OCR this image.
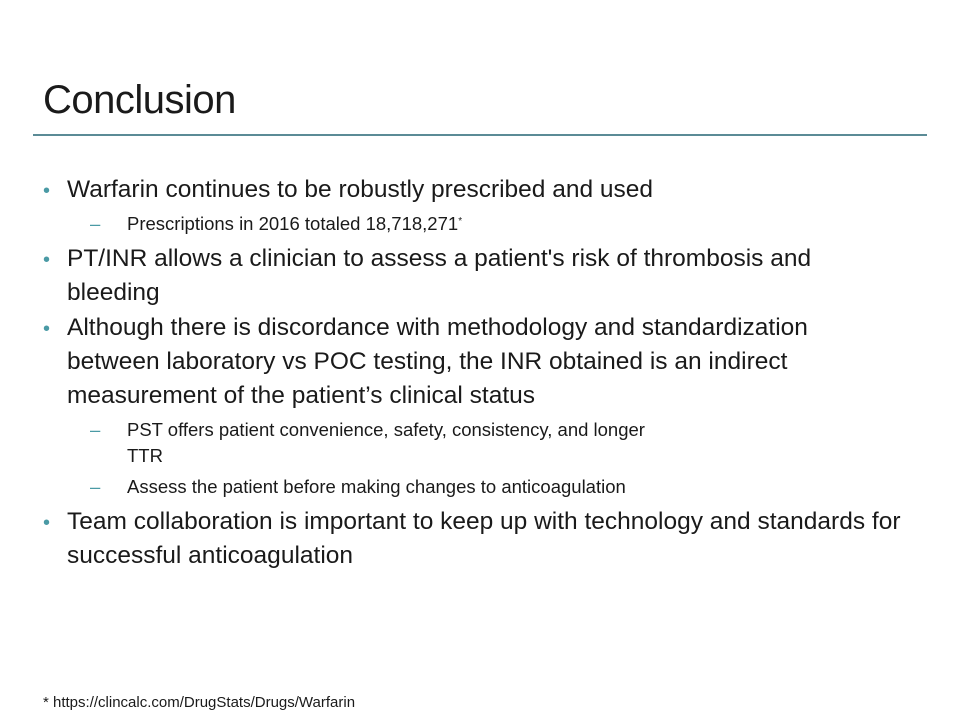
Conclusion
• Warfarin continues to be robustly prescribed and used
– Prescriptions in 2016 totaled 18,718,271*
• PT/INR allows a clinician to assess a patient's risk of thrombosis and bleeding
• Although there is discordance with methodology and standardization between laboratory vs POC testing, the INR obtained is an indirect measurement of the patient’s clinical status
– PST offers patient convenience, safety, consistency, and longer TTR
– Assess the patient before making changes to anticoagulation
• Team collaboration is important to keep up with technology and standards for successful anticoagulation
* https://clincalc.com/DrugStats/Drugs/Warfarin
